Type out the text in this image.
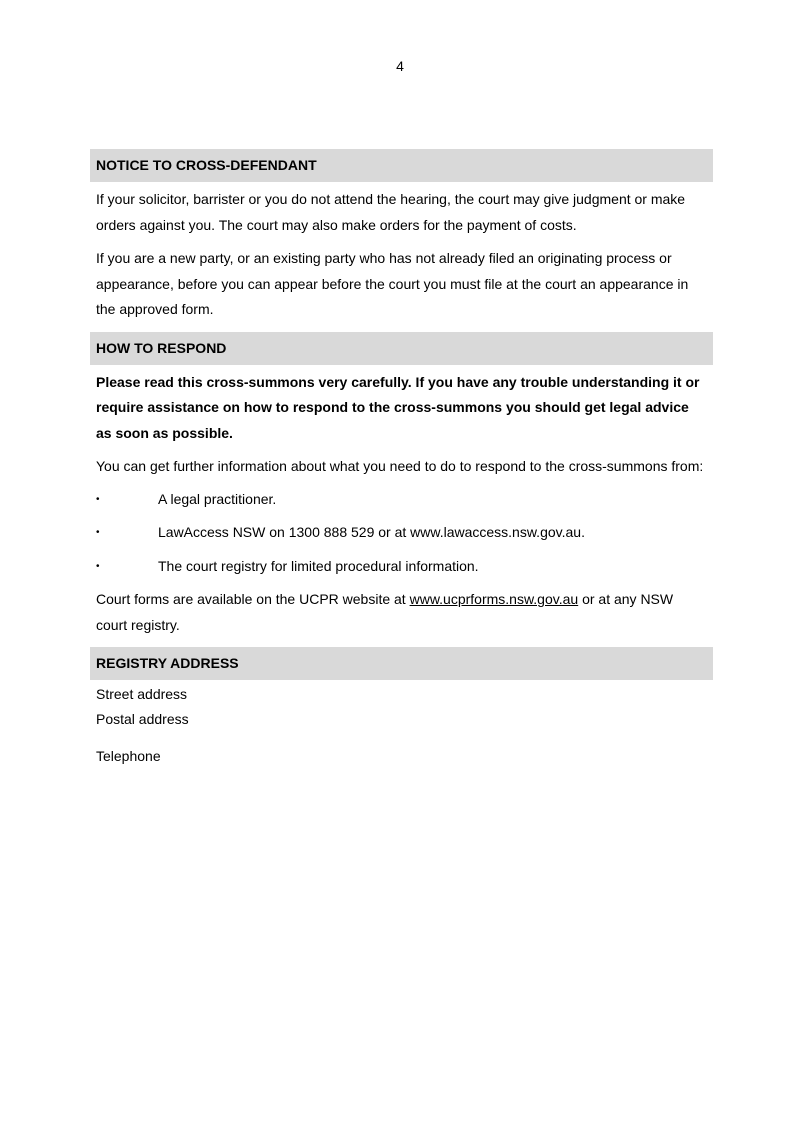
4
NOTICE TO CROSS-DEFENDANT

If your solicitor, barrister or you do not attend the hearing, the court may give judgment or make orders against you. The court may also make orders for the payment of costs.

If you are a new party, or an existing party who has not already filed an originating process or appearance, before you can appear before the court you must file at the court an appearance in the approved form.

HOW TO RESPOND

Please read this cross-summons very carefully. If you have any trouble understanding it or require assistance on how to respond to the cross-summons you should get legal advice as soon as possible.

You can get further information about what you need to do to respond to the cross-summons from:

•	A legal practitioner.
•	LawAccess NSW on 1300 888 529 or at www.lawaccess.nsw.gov.au.
•	The court registry for limited procedural information.

Court forms are available on the UCPR website at www.ucprforms.nsw.gov.au or at any NSW court registry.

REGISTRY ADDRESS

Street address

Postal address

Telephone
